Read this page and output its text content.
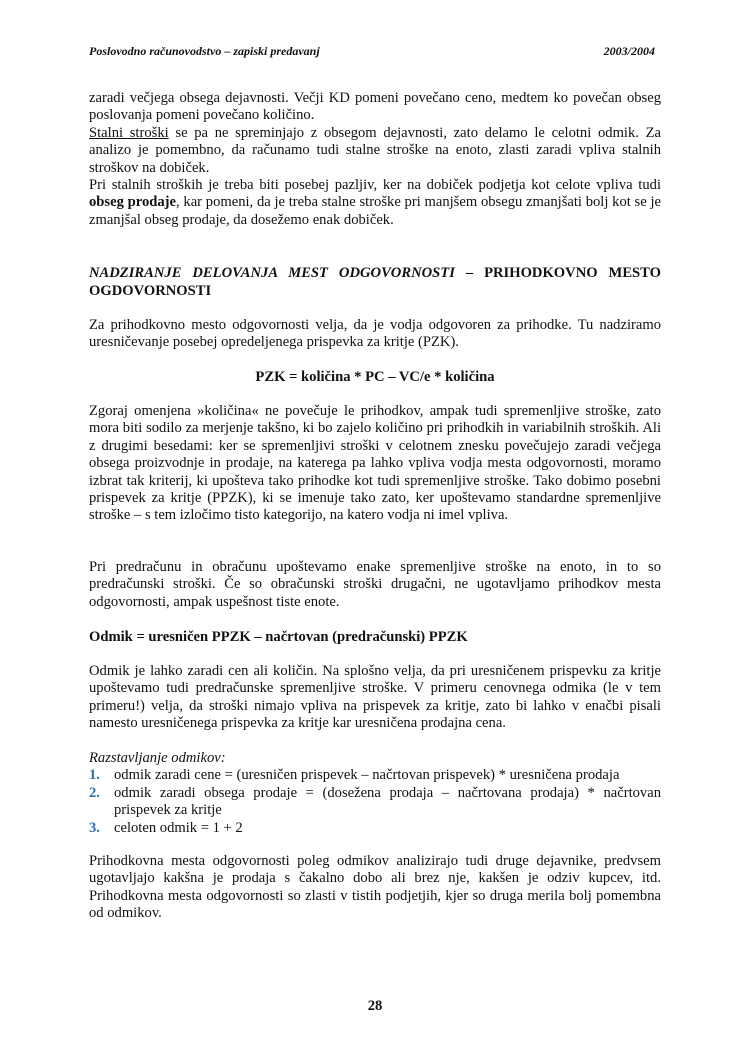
Poslovodno računovodstvo – zapiski predavanj	2003/2004

zaradi večjega obsega dejavnosti. Večji KD pomeni povečano ceno, medtem ko povečan obseg poslovanja pomeni povečano količino.

Stalni stroški se pa ne spreminjajo z obsegom dejavnosti, zato delamo le celotni odmik. Za analizo je pomembno, da računamo tudi stalne stroške na enoto, zlasti zaradi vpliva stalnih stroškov na dobiček.

Pri stalnih stroških je treba biti posebej pazljiv, ker na dobiček podjetja kot celote vpliva tudi obseg prodaje, kar pomeni, da je treba stalne stroške pri manjšem obsegu zmanjšati bolj kot se je zmanjšal obseg prodaje, da dosežemo enak dobiček.

NADZIRANJE DELOVANJA MEST ODGOVORNOSTI – PRIHODKOVNO MESTO OGDOVORNOSTI

Za prihodkovno mesto odgovornosti velja, da je vodja odgovoren za prihodke. Tu nadziramo uresničevanje posebej opredeljenega prispevka za kritje (PZK).

PZK = količina * PC – VC/e * količina

Zgoraj omenjena »količina« ne povečuje le prihodkov, ampak tudi spremenljive stroške, zato mora biti sodilo za merjenje takšno, ki bo zajelo količino pri prihodkih in variabilnih stroških. Ali z drugimi besedami: ker se spremenljivi stroški v celotnem znesku povečujejo zaradi večjega obsega proizvodnje in prodaje, na katerega pa lahko vpliva vodja mesta odgovornosti, moramo izbrat tak kriterij, ki upošteva tako prihodke kot tudi spremenljive stroške. Tako dobimo posebni prispevek za kritje (PPZK), ki se imenuje tako zato, ker upoštevamo standardne spremenljive stroške – s tem izločimo tisto kategorijo, na katero vodja ni imel vpliva.

Pri predračunu in obračunu upoštevamo enake spremenljive stroške na enoto, in to so predračunski stroški. Če so obračunski stroški drugačni, ne ugotavljamo prihodkov mesta odgovornosti, ampak uspešnost tiste enote.

Odmik = uresničen PPZK – načrtovan (predračunski) PPZK

Odmik je lahko zaradi cen ali količin. Na splošno velja, da pri uresničenem prispevku za kritje upoštevamo tudi predračunske spremenljive stroške. V primeru cenovnega odmika (le v tem primeru!) velja, da stroški nimajo vpliva na prispevek za kritje, zato bi lahko v enačbi pisali namesto uresničenega prispevka za kritje kar uresničena prodajna cena.

Razstavljanje odmikov:

1. odmik zaradi cene = (uresničen prispevek – načrtovan prispevek) * uresničena prodaja
2. odmik zaradi obsega prodaje = (dosežena prodaja – načrtovana prodaja) * načrtovan prispevek za kritje
3. celoten odmik = 1 + 2

Prihodkovna mesta odgovornosti poleg odmikov analizirajo tudi druge dejavnike, predvsem ugotavljajo kakšna je prodaja s čakalno dobo ali brez nje, kakšen je odziv kupcev, itd. Prihodkovna mesta odgovornosti so zlasti v tistih podjetjih, kjer so druga merila bolj pomembna od odmikov.

28
